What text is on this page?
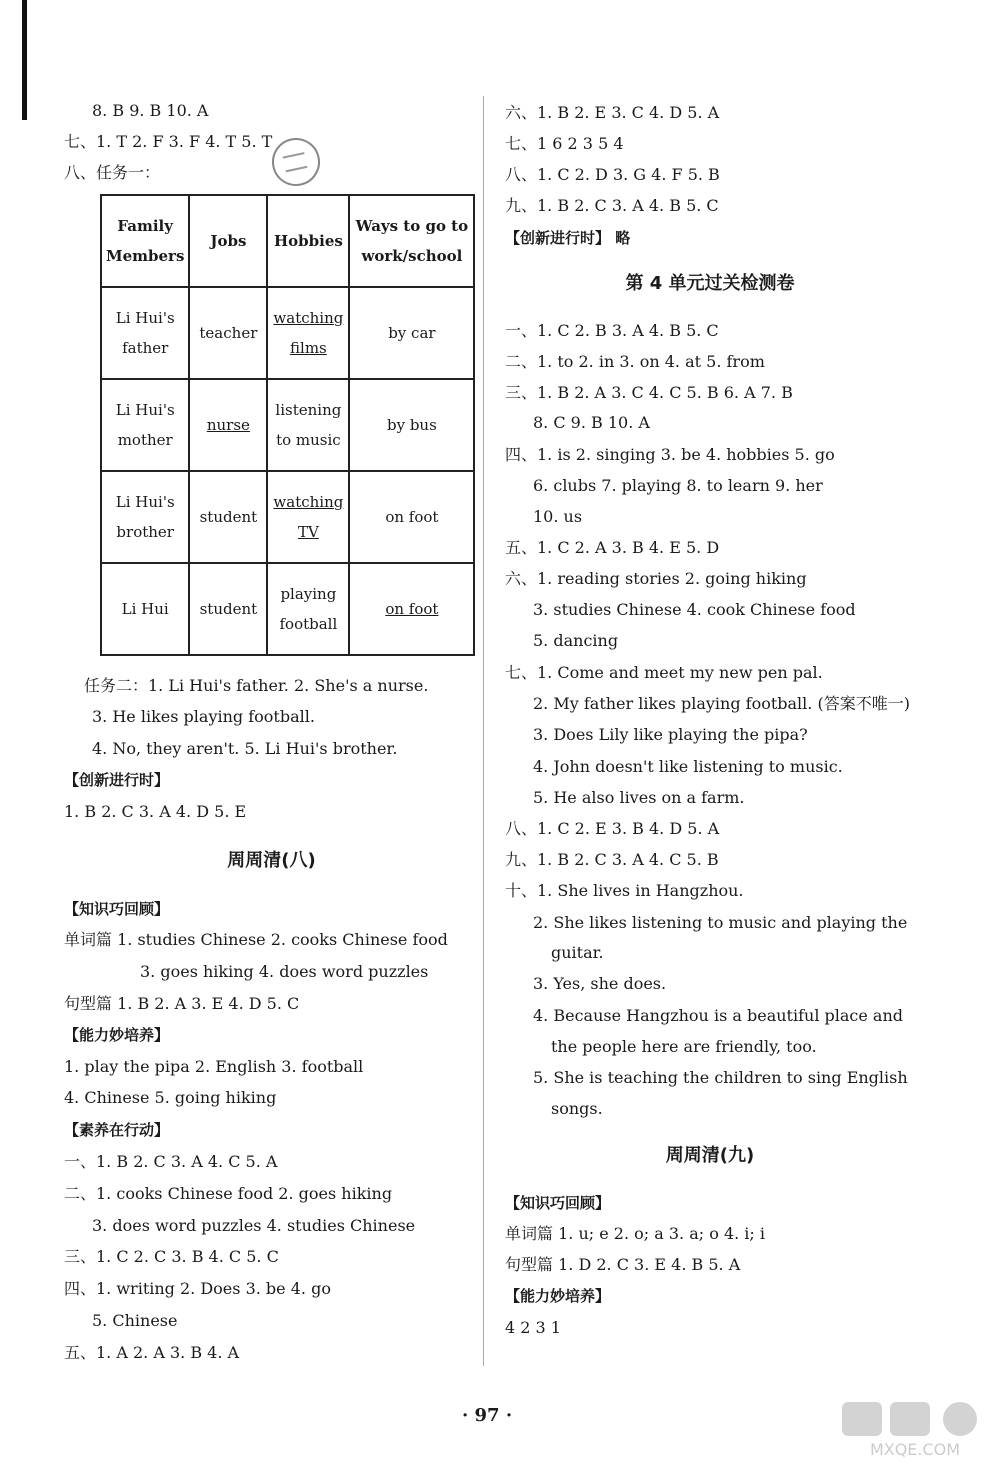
8. B 9. B 10. A
七、1. T 2. F 3. F 4. T 5. T
八、任务一：
Family Members	Jobs	Hobbies	Ways to go to work/school
Li Hui's father	teacher	watching films	by car
Li Hui's mother	nurse	listening to music	by bus
Li Hui's brother	student	watching TV	on foot
Li Hui	student	playing football	on foot
任务二：1. Li Hui's father. 2. She's a nurse.
3. He likes playing football.
4. No, they aren't. 5. Li Hui's brother.
【创新进行时】
1. B 2. C 3. A 4. D 5. E
周周清(八)
【知识巧回顾】
单词篇 1. studies Chinese 2. cooks Chinese food
3. goes hiking 4. does word puzzles
句型篇 1. B 2. A 3. E 4. D 5. C
【能力妙培养】
1. play the pipa 2. English 3. football
4. Chinese 5. going hiking
【素养在行动】
一、1. B 2. C 3. A 4. C 5. A
二、1. cooks Chinese food 2. goes hiking
3. does word puzzles 4. studies Chinese
三、1. C 2. C 3. B 4. C 5. C
四、1. writing 2. Does 3. be 4. go
5. Chinese
五、1. A 2. A 3. B 4. A
六、1. B 2. E 3. C 4. D 5. A
七、1 6 2 3 5 4
八、1. C 2. D 3. G 4. F 5. B
九、1. B 2. C 3. A 4. B 5. C
【创新进行时】 略
第 4 单元过关检测卷
一、1. C 2. B 3. A 4. B 5. C
二、1. to 2. in 3. on 4. at 5. from
三、1. B 2. A 3. C 4. C 5. B 6. A 7. B
8. C 9. B 10. A
四、1. is 2. singing 3. be 4. hobbies 5. go
6. clubs 7. playing 8. to learn 9. her
10. us
五、1. C 2. A 3. B 4. E 5. D
六、1. reading stories 2. going hiking
3. studies Chinese 4. cook Chinese food
5. dancing
七、1. Come and meet my new pen pal.
2. My father likes playing football. (答案不唯一)
3. Does Lily like playing the pipa?
4. John doesn't like listening to music.
5. He also lives on a farm.
八、1. C 2. E 3. B 4. D 5. A
九、1. B 2. C 3. A 4. C 5. B
十、1. She lives in Hangzhou.
2. She likes listening to music and playing the
guitar.
3. Yes, she does.
4. Because Hangzhou is a beautiful place and
the people here are friendly, too.
5. She is teaching the children to sing English
songs.
周周清(九)
【知识巧回顾】
单词篇 1. u; e 2. o; a 3. a; o 4. i; i
句型篇 1. D 2. C 3. E 4. B 5. A
【能力妙培养】
4 2 3 1
· 97 ·
MXQE.COM
